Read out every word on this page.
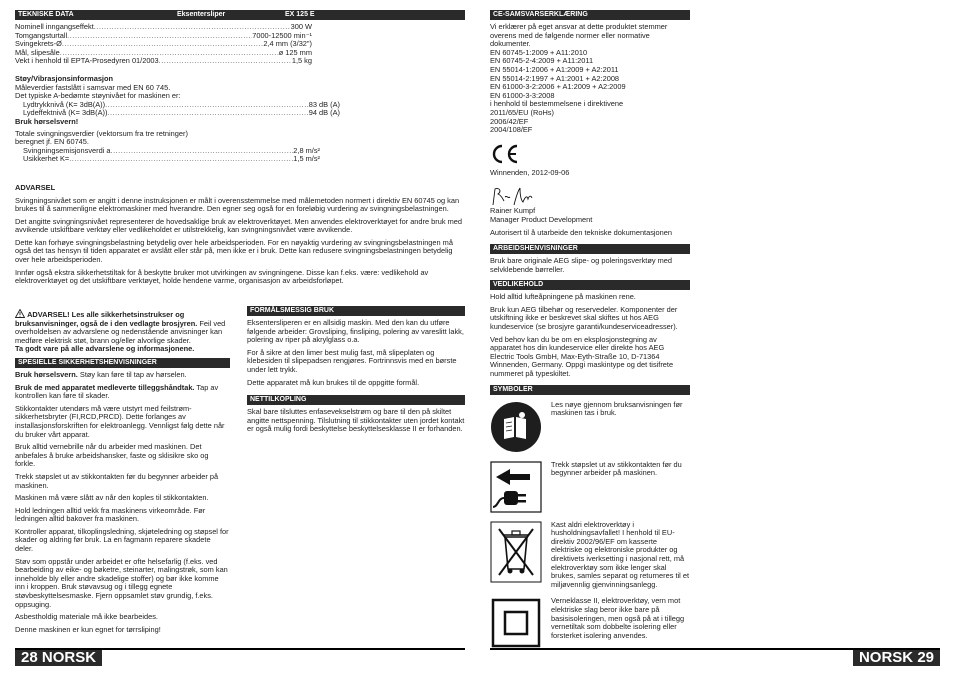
TEKNISKE DATA	Eksentersliper	EX 125 E
Nominell inngangseffekt .....	300 W
Tomgangsturtall .....	7000-12500 min⁻¹
Svingekrets-Ø .....	2,4 mm (3/32")
Mål, slipesåle .....	ø 125 mm
Vekt i henhold til EPTA-Prosedyren 01/2003 .....	1,5 kg

Støy/Vibrasjonsinformasjon

Måleverdier fastslått i samsvar med EN 60 745.

Det typiske A-bedømte støynivået for maskinen er:

Lydtrykknivå (K= 3dB(A)) .....	83 dB (A)
Lydeffektnivå (K= 3dB(A)) .....	94 dB (A)

Bruk hørselsvern!

Totale svingningsverdier (vektorsum fra tre retninger)

beregnet jf. EN 60745.

Svingningsemisjonsverdi a .....	2,8 m/s²
Usikkerhet K= .....	1,5 m/s²

ADVARSEL

Svingningsnivået som er angitt i denne instruksjonen er målt i overensstemmelse med målemetoden normert i direktiv EN 60745 og kan brukes til å sammenligne elektromaskiner med hverandre. Den egner seg også for en foreløbig vurdering av svingningsbelastningen.

Det angitte svingningsnivået representerer de hovedsaklige bruk av elektroverktøyet. Men anvendes elektroverktøyet for andre bruk med avvikende utskiftbare verktøy eller vedlikeholdet er utilstrekkelig, kan svingningsnivået være avvikende.

Dette kan forhøye svingningsbelastning betydelig over hele arbeidsperioden. For en nøyaktig vurdering av svingningsbelastningen må også det tas hensyn til tiden apparatet er avslått eller står på, men ikke er i bruk. Dette kan redusere svingningsbelastningen betydelig over hele arbeidsperioden.

Innfør også ekstra sikkerhetstiltak for å beskytte bruker mot utvirkingen av svingningene. Disse kan f.eks. være: vedlikehold av elektroverktøyet og det utskiftbare verktøyet, holde hendene varme, organisasjon av arbeidsforløpet.

ADVARSEL! Les alle sikkerhetsinstrukser og bruksanvisninger, også de i den vedlagte brosjyren. Feil ved overholdelsen av advarslene og nedenstående anvisninger kan medføre elektrisk støt, brann og/eller alvorlige skader.
Ta godt vare på alle advarslene og informasjonene.

SPESIELLE SIKKERHETSHENVISNINGER

Bruk hørselsvern. Støy kan føre til tap av hørselen.

Bruk de med apparatet medleverte tilleggshåndtak. Tap av kontrollen kan føre til skader.

Stikkontakter utendørs må være utstyrt med feilstrøm-sikkerhetsbryter (FI,RCD,PRCD). Dette forlanges av installasjonsforskriften for elektroanlegg. Vennligst følg dette når du bruker vårt apparat.

Bruk alltid vernebrille når du arbeider med maskinen. Det anbefales å bruke arbeidshansker, faste og sklisikre sko og forkle.

Trekk støpslet ut av stikkontakten før du begynner arbeider på maskinen.

Maskinen må være slått av når den koples til stikkontakten.

Hold ledningen alltid vekk fra maskinens virkeområde. Før ledningen alltid bakover fra maskinen.

Kontroller apparat, tilkoplingsledning, skjøteledning og støpsel for skader og aldring før bruk. La en fagmann reparere skadete deler.

Støv som oppstår under arbeidet er ofte helsefarlig (f.eks. ved bearbeiding av eike- og bøketre, steinarter, malingstrøk, som kan inneholde bly eller andre skadelige stoffer) og bør ikke komme inn i kroppen. Bruk støvavsug og i tillegg egnete støvbeskyttelsesmaske. Fjern oppsamlet støv grundig, f.eks. oppsuging.

Asbestholdig materiale må ikke bearbeides.

Denne maskinen er kun egnet for tørrsliping!

FORMÅLSMESSIG BRUK

Eksentersliperen er en allsidig maskin. Med den kan du utføre følgende arbeider: Grovsliping, finsliping, polering av vareslitt lakk, polering av riper på akrylglass o.a.

For å sikre at den limer best mulig fast, må slipeplaten og klebesiden til slipepadsen rengjøres. Fortrinnsvis med en børste under lett trykk.

Dette apparatet må kun brukes til de oppgitte formål.

NETTILKOPLING

Skal bare tilsluttes enfasevekselstrøm og bare til den på skiltet angitte nettspenning. Tilslutning til stikkontakter uten jordet kontakt er også mulig fordi beskyttelse beskyttelsesklasse II er forhanden.

CE-SAMSVARSERKLÆRING

Vi erklærer på eget ansvar at dette produktet stemmer overens med de følgende normer eller normative dokumenter.

EN 60745-1:2009 + A11:2010

EN 60745-2-4:2009 + A11:2011

EN 55014-1:2006 + A1:2009 + A2:2011

EN 55014-2:1997 + A1:2001 + A2:2008

EN 61000-3-2:2006 + A1:2009 + A2:2009

EN 61000-3-3:2008

i henhold til bestemmelsene i direktivene

2011/65/EU (RoHs)

2006/42/EF

2004/108/EF

Winnenden, 2012-09-06

Rainer Kumpf

Manager Product Development

Autorisert til å utarbeide den tekniske dokumentasjonen

ARBEIDSHENVISNINGER

Bruk bare originale AEG slipe- og poleringsverktøy med selvklebende børreller.

VEDLIKEHOLD

Hold alltid lufteåpningene på maskinen rene.

Bruk kun AEG tilbehør og reservedeler. Komponenter der utskiftning ikke er beskrevet skal skiftes ut hos AEG kundeservice (se brosjyre garanti/kundeserviceadresser).

Ved behov kan du be om en eksplosjonstegning av apparatet hos din kundeservice eller direkte hos AEG Electric Tools GmbH, Max-Eyth-Straße 10, D-71364 Winnenden, Germany. Oppgi maskintype og det tisifrete nummeret på typeskiltet.

SYMBOLER

Les nøye gjennom bruksanvisningen før maskinen tas i bruk.

Trekk støpslet ut av stikkontakten før du begynner arbeider på maskinen.

Kast aldri elektroverktøy i husholdningsavfallet! I henhold til EU-direktiv 2002/96/EF om kasserte elektriske og elektroniske produkter og direktivets iverksetting i nasjonal rett, må elektroverktøy som ikke lenger skal brukes, samles separat og returneres til et miljøvennlig gjenvinningsanlegg.

Verneklasse II, elektroverktøy, vern mot elektriske slag beror ikke bare på basisisoleringen, men også på at i tillegg vernetiltak som dobbelte isolering eller forsterket isolering anvendes.

28 NORSK	NORSK 29
